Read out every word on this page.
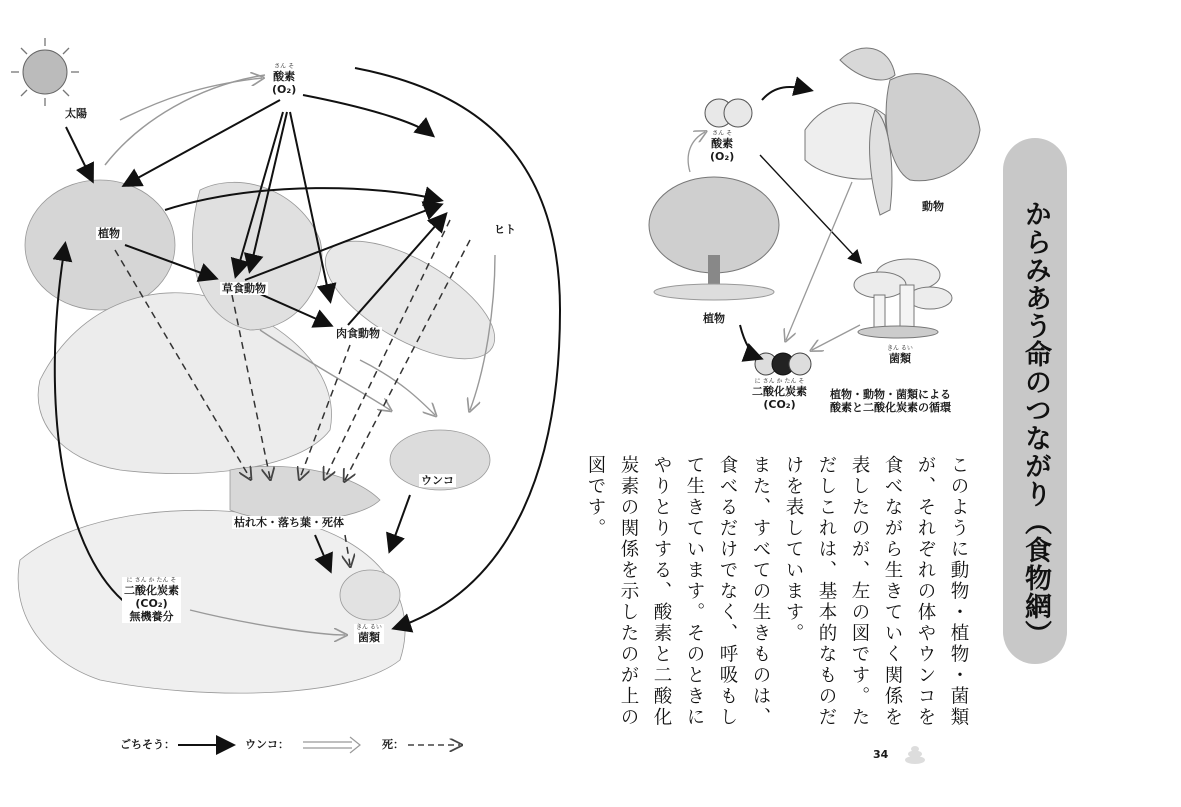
太陽
さん そ
酸素
(O₂)
植物
草食動物
肉食動物
ヒト
ウンコ
枯れ木・落ち葉・死体
に さん か たん そ
二酸化炭素
(CO₂)
無機養分
きん るい
菌類
ごちそう：	ウンコ：	死：
さん そ
酸素
(O₂)
動物
植物
きん るい
菌類
に さん か たん そ
二酸化炭素
(CO₂)
植物・動物・菌類による
酸素と二酸化炭素の循環	からみあう命のつながり（食物網）

このように動物・植物・菌類が、それぞれの体やウンコを食べながら生きていく関係を表したのが、左の図です。ただしこれは、基本的なものだけを表しています。

また、すべての生きものは、食べるだけでなく、呼吸もして生きています。そのときにやりとりする、酸素と二酸化炭素の関係を示したのが上の図です。

34
